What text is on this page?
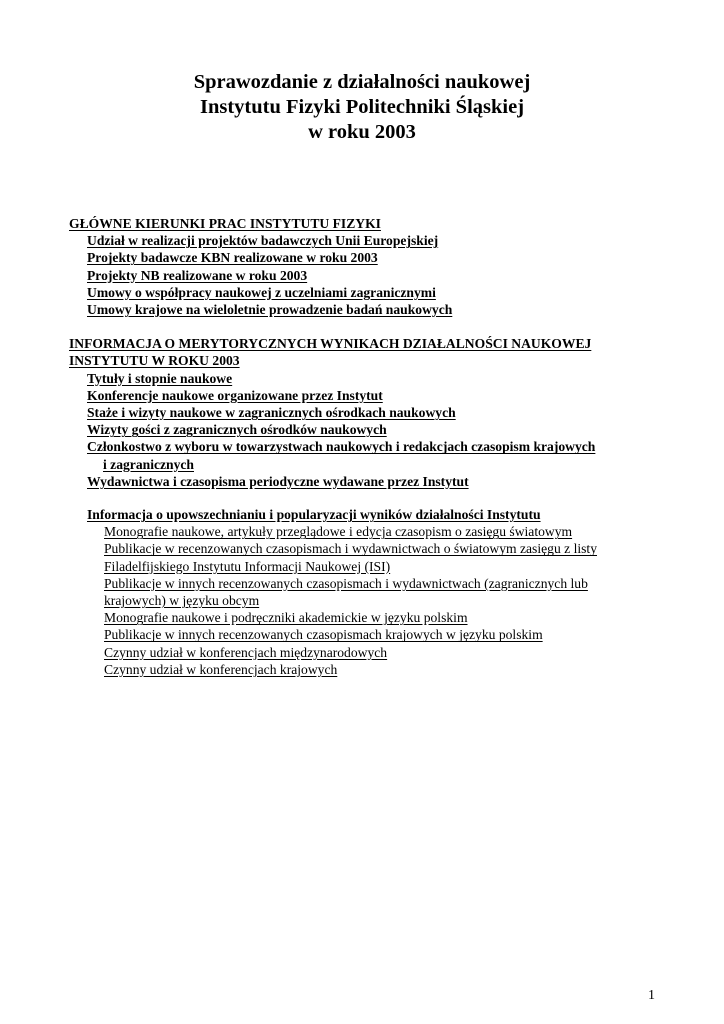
Sprawozdanie z działalności naukowej
Instytutu Fizyki Politechniki Śląskiej
w roku 2003
GŁÓWNE KIERUNKI PRAC INSTYTUTU FIZYKI
Udział w realizacji projektów badawczych Unii Europejskiej
Projekty badawcze KBN realizowane w roku 2003
Projekty NB realizowane w roku 2003
Umowy o współpracy naukowej z uczelniami zagranicznymi
Umowy krajowe na wieloletnie prowadzenie badań naukowych
INFORMACJA O MERYTORYCZNYCH WYNIKACH DZIAŁALNOŚCI NAUKOWEJ
INSTYTUTU W ROKU 2003
Tytuły i stopnie naukowe
Konferencje naukowe organizowane przez Instytut
Staże i wizyty naukowe w zagranicznych ośrodkach naukowych
Wizyty gości z zagranicznych ośrodków naukowych
Członkostwo z wyboru w towarzystwach naukowych i redakcjach czasopism krajowych
i zagranicznych
Wydawnictwa i czasopisma periodyczne wydawane przez Instytut
Informacja o upowszechnianiu i popularyzacji wyników działalności Instytutu
Monografie naukowe, artykuły przeglądowe i edycja czasopism o zasięgu światowym
Publikacje w recenzowanych czasopismach i wydawnictwach o światowym zasięgu z listy
Filadelfijskiego Instytutu Informacji Naukowej (ISI)
Publikacje w innych recenzowanych czasopismach i wydawnictwach (zagranicznych lub
krajowych) w języku obcym
Monografie naukowe i podręczniki akademickie w języku polskim
Publikacje w innych recenzowanych czasopismach krajowych w języku polskim
Czynny udział w konferencjach międzynarodowych
Czynny udział w konferencjach krajowych
1
